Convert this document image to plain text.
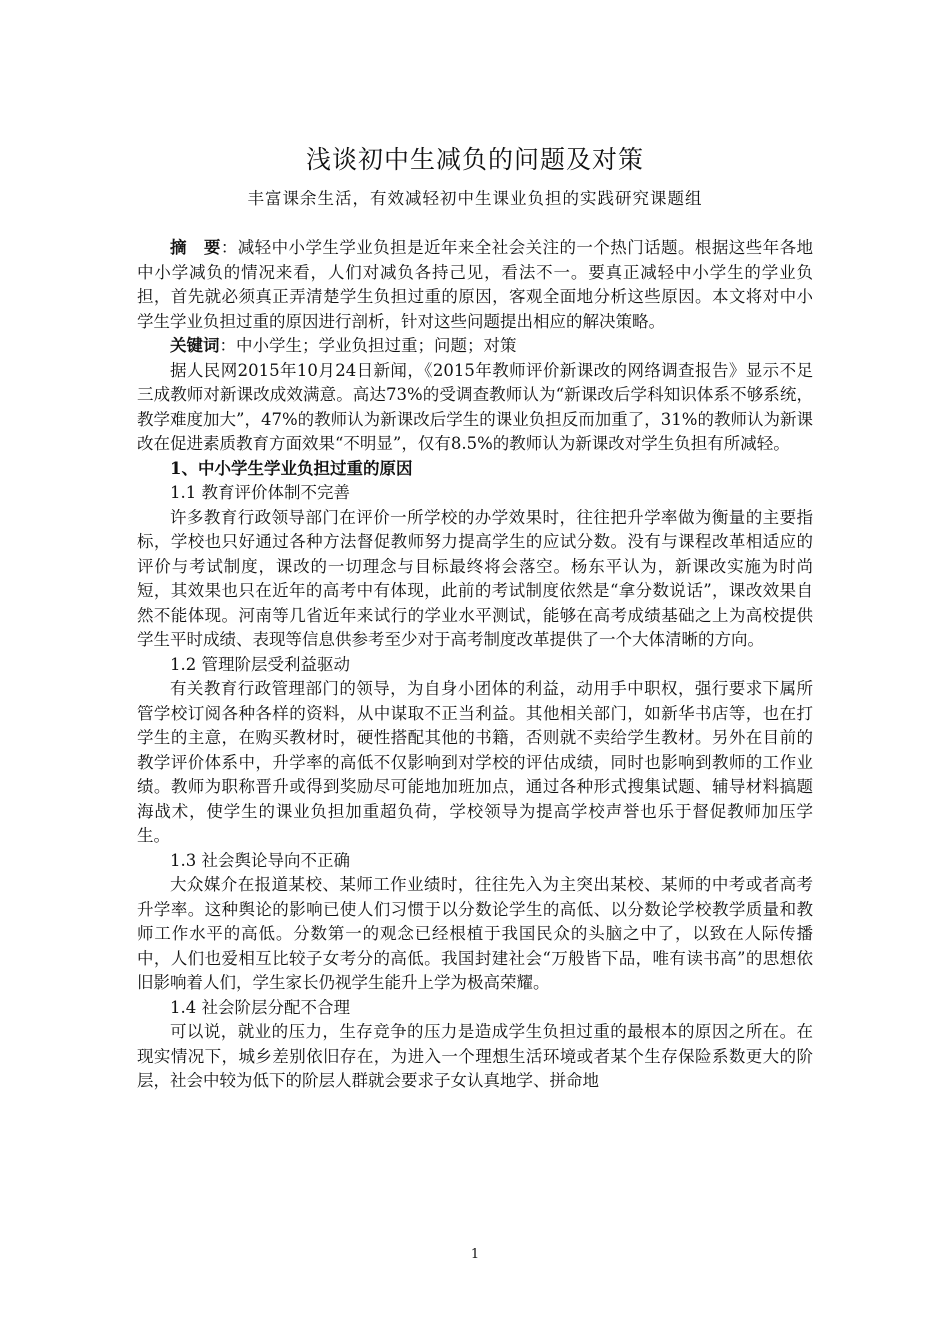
浅谈初中生减负的问题及对策

丰富课余生活，有效减轻初中生课业负担的实践研究课题组

摘　要：减轻中小学生学业负担是近年来全社会关注的一个热门话题。根据这些年各地中小学减负的情况来看，人们对减负各持己见，看法不一。要真正减轻中小学生的学业负担，首先就必须真正弄清楚学生负担过重的原因，客观全面地分析这些原因。本文将对中小学生学业负担过重的原因进行剖析，针对这些问题提出相应的解决策略。

关键词：中小学生；学业负担过重；问题；对策

据人民网2015年10月24日新闻，《2015年教师评价新课改的网络调查报告》显示不足三成教师对新课改成效满意。高达73%的受调查教师认为“新课改后学科知识体系不够系统，教学难度加大”，47%的教师认为新课改后学生的课业负担反而加重了，31%的教师认为新课改在促进素质教育方面效果“不明显”，仅有8.5%的教师认为新课改对学生负担有所减轻。

1、中小学生学业负担过重的原因

1.1 教育评价体制不完善

许多教育行政领导部门在评价一所学校的办学效果时，往往把升学率做为衡量的主要指标，学校也只好通过各种方法督促教师努力提高学生的应试分数。没有与课程改革相适应的评价与考试制度，课改的一切理念与目标最终将会落空。杨东平认为，新课改实施为时尚短，其效果也只在近年的高考中有体现，此前的考试制度依然是“拿分数说话”，课改效果自然不能体现。河南等几省近年来试行的学业水平测试，能够在高考成绩基础之上为高校提供学生平时成绩、表现等信息供参考至少对于高考制度改革提供了一个大体清晰的方向。

1.2 管理阶层受利益驱动

有关教育行政管理部门的领导，为自身小团体的利益，动用手中职权，强行要求下属所管学校订阅各种各样的资料，从中谋取不正当利益。其他相关部门，如新华书店等，也在打学生的主意，在购买教材时，硬性搭配其他的书籍，否则就不卖给学生教材。另外在目前的教学评价体系中，升学率的高低不仅影响到对学校的评估成绩，同时也影响到教师的工作业绩。教师为职称晋升或得到奖励尽可能地加班加点，通过各种形式搜集试题、辅导材料搞题海战术，使学生的课业负担加重超负荷，学校领导为提高学校声誉也乐于督促教师加压学生。

1.3 社会舆论导向不正确

大众媒介在报道某校、某师工作业绩时，往往先入为主突出某校、某师的中考或者高考升学率。这种舆论的影响已使人们习惯于以分数论学生的高低、以分数论学校教学质量和教师工作水平的高低。分数第一的观念已经根植于我国民众的头脑之中了，以致在人际传播中，人们也爱相互比较子女考分的高低。我国封建社会“万般皆下品，唯有读书高”的思想依旧影响着人们，学生家长仍视学生能升上学为极高荣耀。

1.4 社会阶层分配不合理

可以说，就业的压力，生存竞争的压力是造成学生负担过重的最根本的原因之所在。在现实情况下，城乡差别依旧存在，为进入一个理想生活环境或者某个生存保险系数更大的阶层，社会中较为低下的阶层人群就会要求子女认真地学、拼命地

1
